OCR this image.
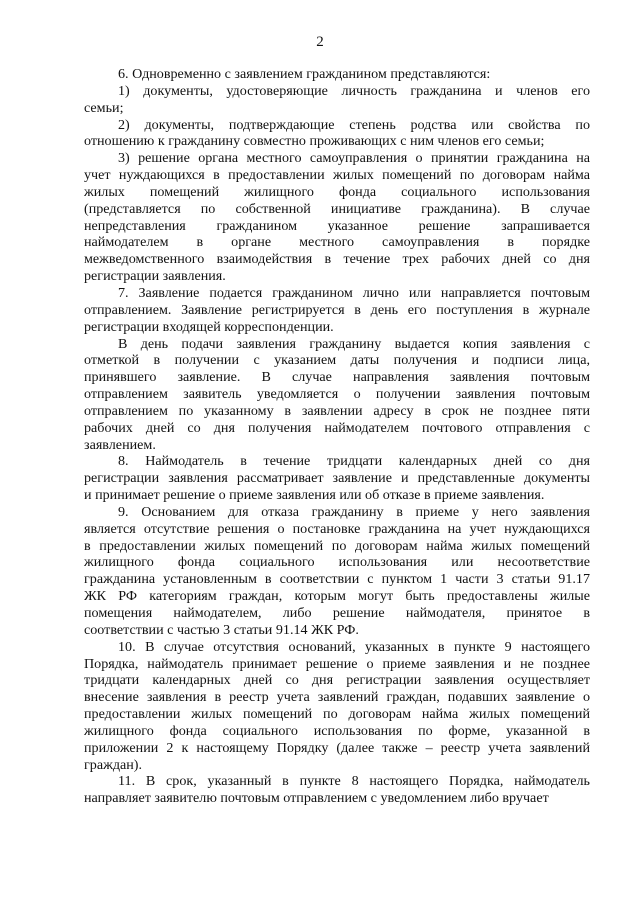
2
6. Одновременно с заявлением гражданином представляются:
1) документы, удостоверяющие личность гражданина и членов его
семьи;
2) документы, подтверждающие степень родства или свойства по
отношению к гражданину совместно проживающих с ним членов его семьи;
3) решение органа местного самоуправления о принятии гражданина на
учет нуждающихся в предоставлении жилых помещений по договорам найма
жилых помещений жилищного фонда социального использования
(представляется по собственной инициативе гражданина). В случае
непредставления гражданином указанное решение запрашивается
наймодателем в органе местного самоуправления в порядке
межведомственного взаимодействия в течение трех рабочих дней со дня
регистрации заявления.
7. Заявление подается гражданином лично или направляется почтовым
отправлением. Заявление регистрируется в день его поступления в журнале
регистрации входящей корреспонденции.
В день подачи заявления гражданину выдается копия заявления с
отметкой в получении с указанием даты получения и подписи лица,
принявшего заявление. В случае направления заявления почтовым
отправлением заявитель уведомляется о получении заявления почтовым
отправлением по указанному в заявлении адресу в срок не позднее пяти
рабочих дней со дня получения наймодателем почтового отправления с
заявлением.
8. Наймодатель в течение тридцати календарных дней со дня
регистрации заявления рассматривает заявление и представленные документы
и принимает решение о приеме заявления или об отказе в приеме заявления.
9. Основанием для отказа гражданину в приеме у него заявления
является отсутствие решения о постановке гражданина на учет нуждающихся
в предоставлении жилых помещений по договорам найма жилых помещений
жилищного фонда социального использования или несоответствие
гражданина установленным в соответствии с пунктом 1 части 3 статьи 91.17
ЖК РФ категориям граждан, которым могут быть предоставлены жилые
помещения наймодателем, либо решение наймодателя, принятое в
соответствии с частью 3 статьи 91.14 ЖК РФ.
10. В случае отсутствия оснований, указанных в пункте 9 настоящего
Порядка, наймодатель принимает решение о приеме заявления и не позднее
тридцати календарных дней со дня регистрации заявления осуществляет
внесение заявления в реестр учета заявлений граждан, подавших заявление о
предоставлении жилых помещений по договорам найма жилых помещений
жилищного фонда социального использования по форме, указанной в
приложении 2 к настоящему Порядку (далее также – реестр учета заявлений
граждан).
11. В срок, указанный в пункте 8 настоящего Порядка, наймодатель
направляет заявителю почтовым отправлением с уведомлением либо вручает
